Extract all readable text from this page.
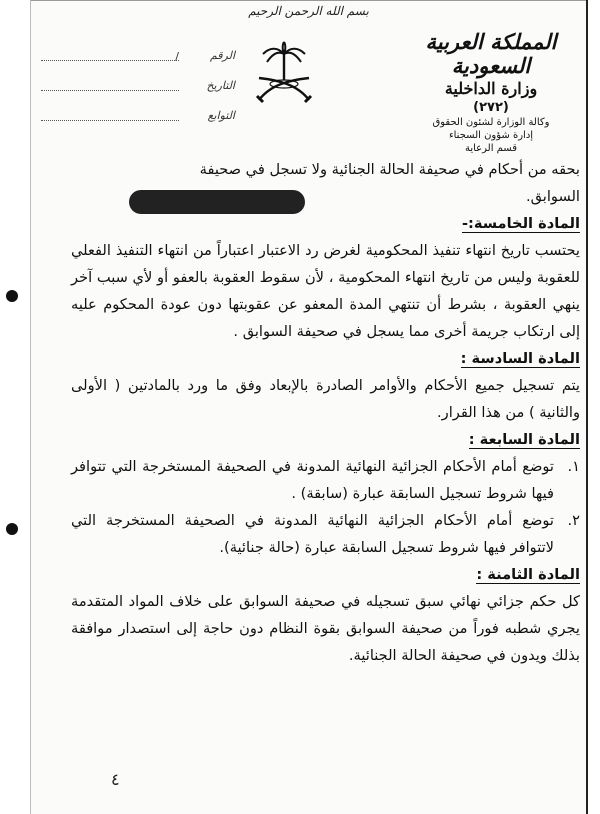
بسم الله الرحمن الرحيم
الرقم
/
التاريخ
التوابع
المملكة العربية السعودية
وزارة الداخلية
(٢٧٢)
وكالة الوزارة لشئون الحقوق
إدارة شؤون السجناء
قسم الرعاية

بحقه من أحكام في صحيفة الحالة الجنائية ولا تسجل في صحيفة

السوابق.

المادة الخامسة:-

يحتسب تاريخ انتهاء تنفيذ المحكومية لغرض رد الاعتبار اعتباراً من انتهاء التنفيذ الفعلي للعقوبة وليس من تاريخ انتهاء المحكومية ، لأن سقوط العقوبة بالعفو أو لأي سبب آخر ينهي العقوبة ، بشرط أن تنتهي المدة المعفو عن عقوبتها دون عودة المحكوم عليه إلى ارتكاب جريمة أخرى مما يسجل في صحيفة السوابق .

المادة السادسة :

يتم تسجيل جميع الأحكام والأوامر الصادرة بالإبعاد وفق ما ورد بالمادتين ( الأولى والثانية ) من هذا القرار.

المادة السابعة :
١.
توضع أمام الأحكام الجزائية النهائية المدونة في الصحيفة المستخرجة التي تتوافر فيها شروط تسجيل السابقة عبارة (سابقة) .
٢.
توضع أمام الأحكام الجزائية النهائية المدونة في الصحيفة المستخرجة التي لاتتوافر فيها شروط تسجيل السابقة عبارة (حالة جنائية).
المادة الثامنة :

كل حكم جزائي نهائي سبق تسجيله في صحيفة السوابق على خلاف المواد المتقدمة يجري شطبه فوراً من صحيفة السوابق بقوة النظام دون حاجة إلى استصدار موافقة بذلك ويدون في صحيفة الحالة الجنائية.

٤
